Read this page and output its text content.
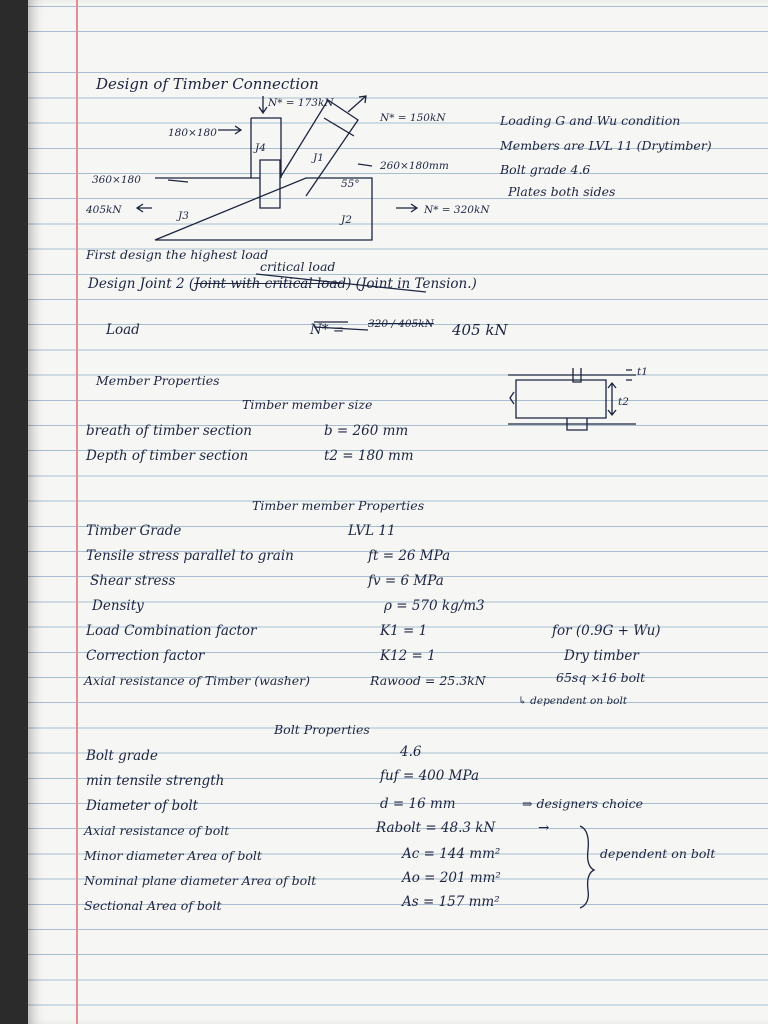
Design of Timber Connection
N* = 173kN
N* = 150kN
180×180
J4
J1
260×180mm
360×180	55°
405kN	J3	J2
N* = 320kN
Loading G and Wu condition
Members are LVL 11 (Drytimber)
Bolt grade 4.6
Plates both sides
First design the highest load
critical load
Design Joint 2 (Joint with critical load) (Joint in Tension.)
Load	N* = 320 / 405kN 405 kN
Member Properties
t1
t2
Timber member size
breath of timber section	b = 260 mm
Depth of timber section	t2 = 180 mm
Timber member Properties
Timber Grade	LVL 11
Tensile stress parallel to grain	ft = 26 MPa
Shear stress	fv = 6 MPa
Density	ρ = 570 kg/m3
Load Combination factor	K1 = 1	for (0.9G + Wu)
Correction factor	K12 = 1	Dry timber
Axial resistance of Timber (washer)	Rawood = 25.3kN	65sq ×16 bolt
↳ dependent on bolt
Bolt Properties
Bolt grade	4.6
min tensile strength	fuf = 400 MPa
Diameter of bolt	d = 16 mm	⇒ designers choice
Axial resistance of bolt	Rabolt = 48.3 kN	→
Minor diameter Area of bolt	Ac = 144 mm²
Nominal plane diameter Area of bolt	Ao = 201 mm²
Sectional Area of bolt	As = 157 mm²
dependent on bolt
